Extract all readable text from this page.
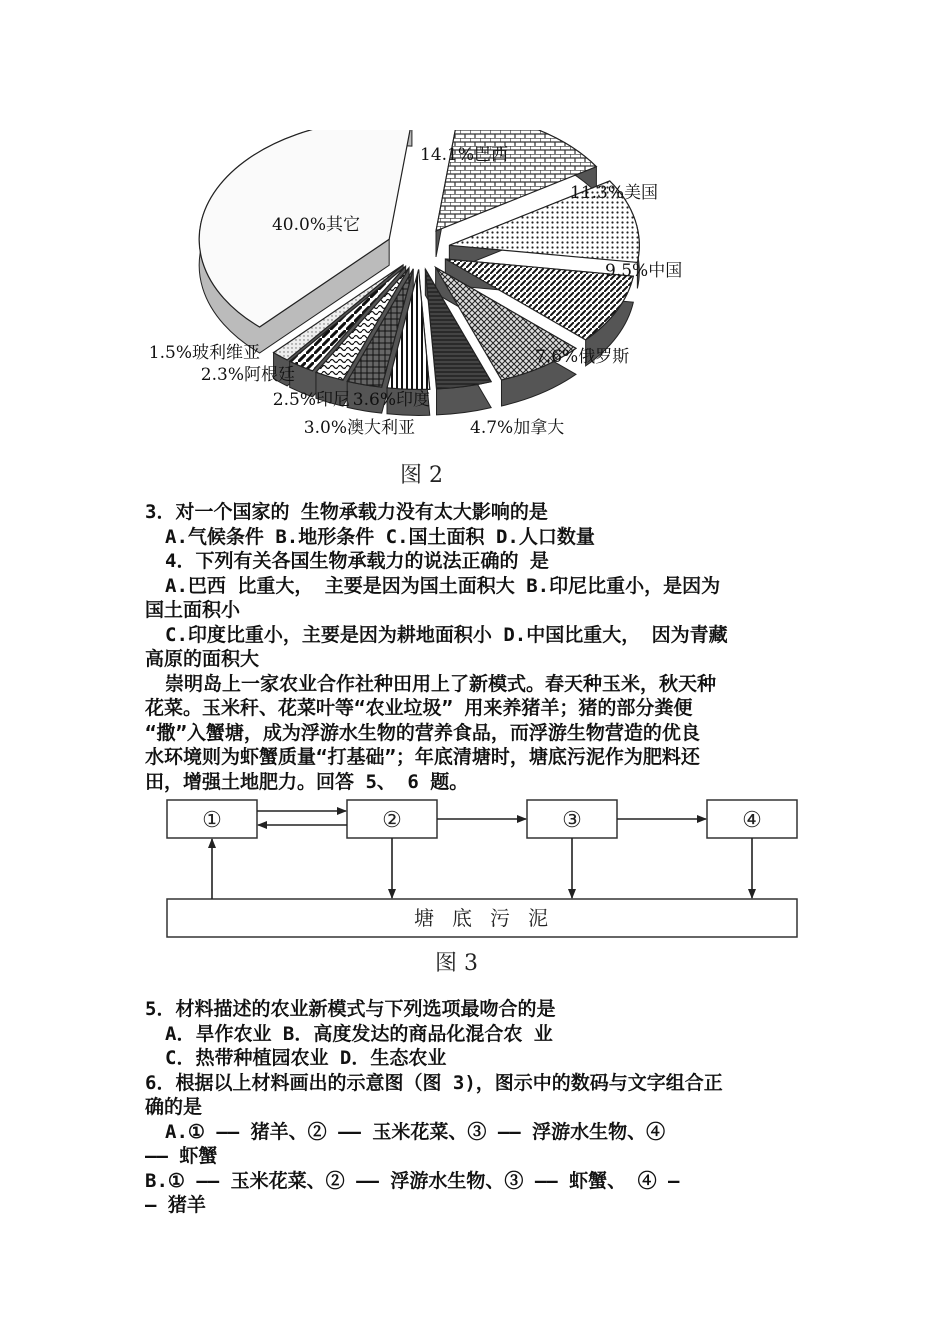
14.1%巴西
11.3%美国
9.5%中国
7.6%俄罗斯
4.7%加拿大
3.6%印度
3.0%澳大利亚
2.5%印尼
2.3%阿根廷
1.5%玻利维亚
40.0%其它
图 2
3．对一个国家的 生物承载力没有太大影响的是
A.气候条件 B.地形条件 C.国土面积 D.人口数量
4．下列有关各国生物承载力的说法正确的 是
A.巴西 比重大， 主要是因为国土面积大 B.印尼比重小，是因为
国土面积小
C.印度比重小，主要是因为耕地面积小 D.中国比重大， 因为青藏
高原的面积大
崇明岛上一家农业合作社种田用上了新模式。春天种玉米，秋天种
花菜。玉米秆、花菜叶等“农业垃圾” 用来养猪羊；猪的部分粪便
“撒”入蟹塘，成为浮游水生物的营养食品，而浮游生物营造的优良
水环境则为虾蟹质量“打基础”；年底清塘时，塘底污泥作为肥料还
田，增强土地肥力。回答 5、 6 题。
①	②	③	④
塘底污泥
图 3
5．材料描述的农业新模式与下列选项最吻合的是
A．旱作农业 B．高度发达的商品化混合农 业
C．热带种植园农业 D．生态农业
6．根据以上材料画出的示意图（图 3)，图示中的数码与文字组合正
确的是
A.① —— 猪羊、② —— 玉米花菜、③ —— 浮游水生物、④
—— 虾蟹
B.① —— 玉米花菜、② —— 浮游水生物、③ —— 虾蟹、 ④ —
— 猪羊
